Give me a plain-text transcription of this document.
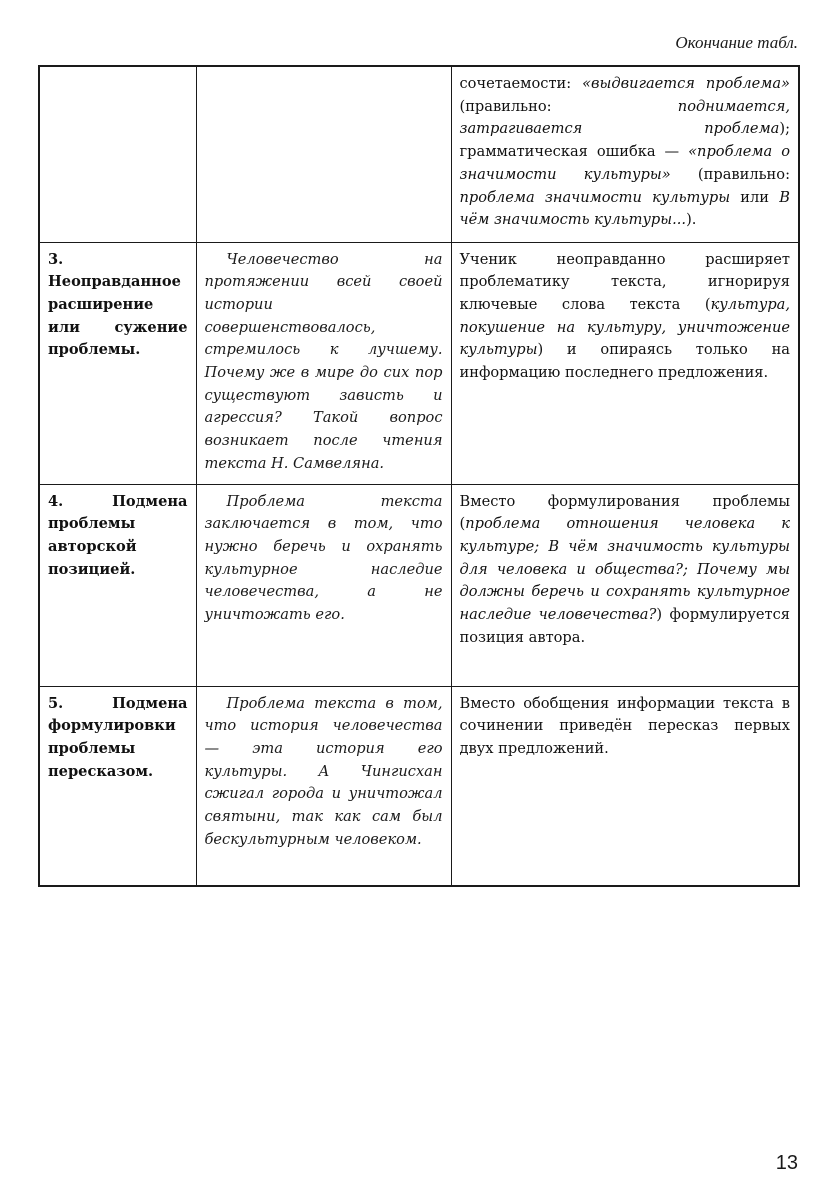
Окончание табл.
		сочетаемости: «выдвигается проблема» (правильно: поднимается, затрагивается проблема); грамматическая ошибка — «проблема о значимости культуры» (правильно: проблема значимости культуры или В чём значимость культуры...).
3. Неоправданное расширение или сужение проблемы.	Человечество на протяжении всей своей истории совершенствовалось, стремилось к лучшему. Почему же в мире до сих пор существуют зависть и агрессия? Такой вопрос возникает после чтения текста Н. Самвеляна.	Ученик неоправданно расширяет проблематику текста, игнорируя ключевые слова текста (культура, покушение на культуру, уничтожение культуры) и опираясь только на информацию последнего предложения.
4. Подмена проблемы авторской позицией.	Проблема текста заключается в том, что нужно беречь и охранять культурное наследие человечества, а не уничтожать его.	Вместо формулирования проблемы (проблема отношения человека к культуре; В чём значимость культуры для человека и общества?; Почему мы должны беречь и сохранять культурное наследие человечества?) формулируется позиция автора.
5. Подмена формулировки проблемы пересказом.	Проблема текста в том, что история человечества — эта история его культуры. А Чингисхан сжигал города и уничтожал святыни, так как сам был бескультурным человеком.	Вместо обобщения информации текста в сочинении приведён пересказ первых двух предложений.
13
